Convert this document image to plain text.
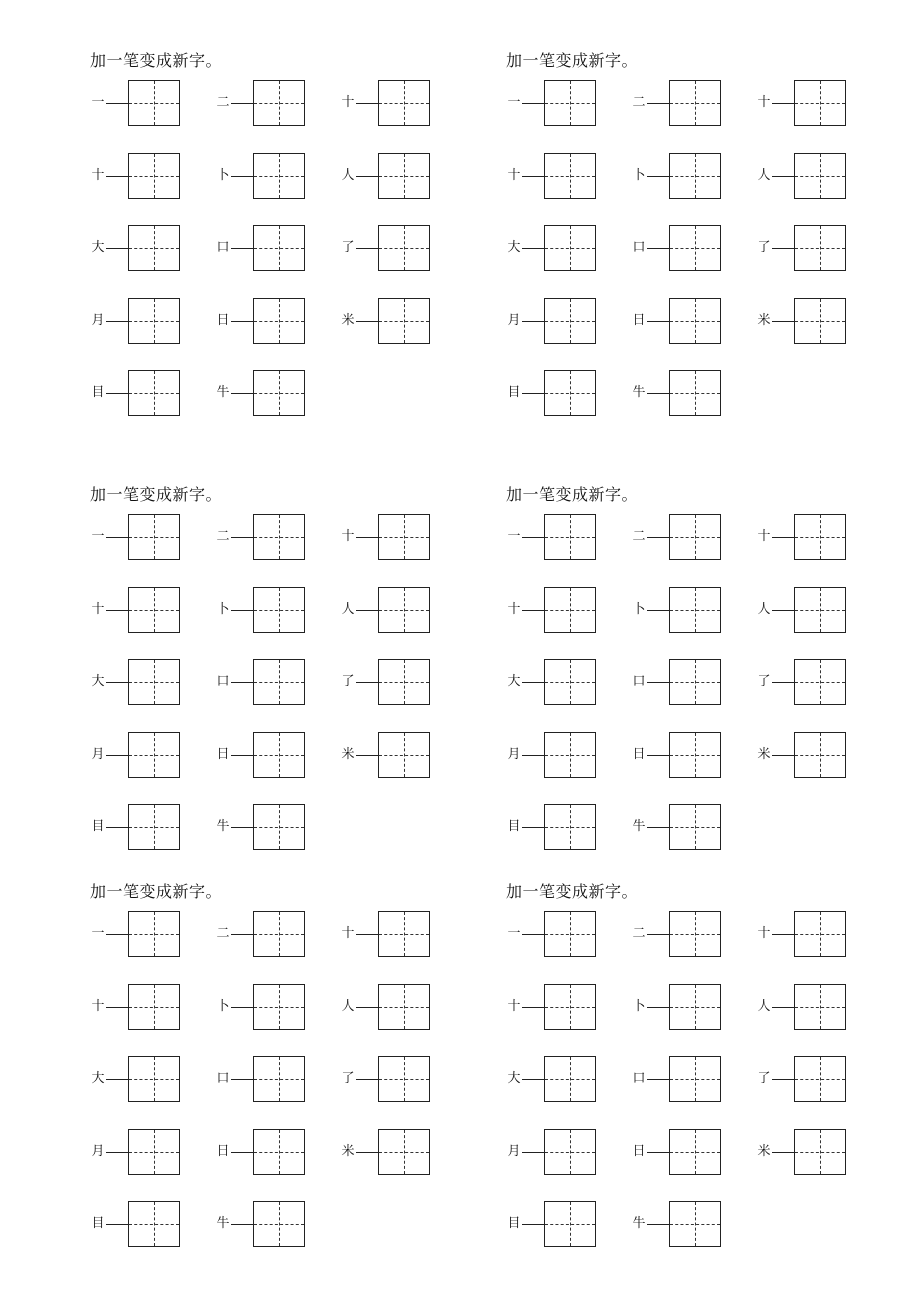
加一笔变成新字。
一	二	十
十	卜	人
大	口	了
月	日	米
目	牛
加一笔变成新字。
一	二	十
十	卜	人
大	口	了
月	日	米
目	牛
加一笔变成新字。
一	二	十
十	卜	人
大	口	了
月	日	米
目	牛
加一笔变成新字。
一	二	十
十	卜	人
大	口	了
月	日	米
目	牛
加一笔变成新字。
一	二	十
十	卜	人
大	口	了
月	日	米
目	牛
加一笔变成新字。
一	二	十
十	卜	人
大	口	了
月	日	米
目	牛
